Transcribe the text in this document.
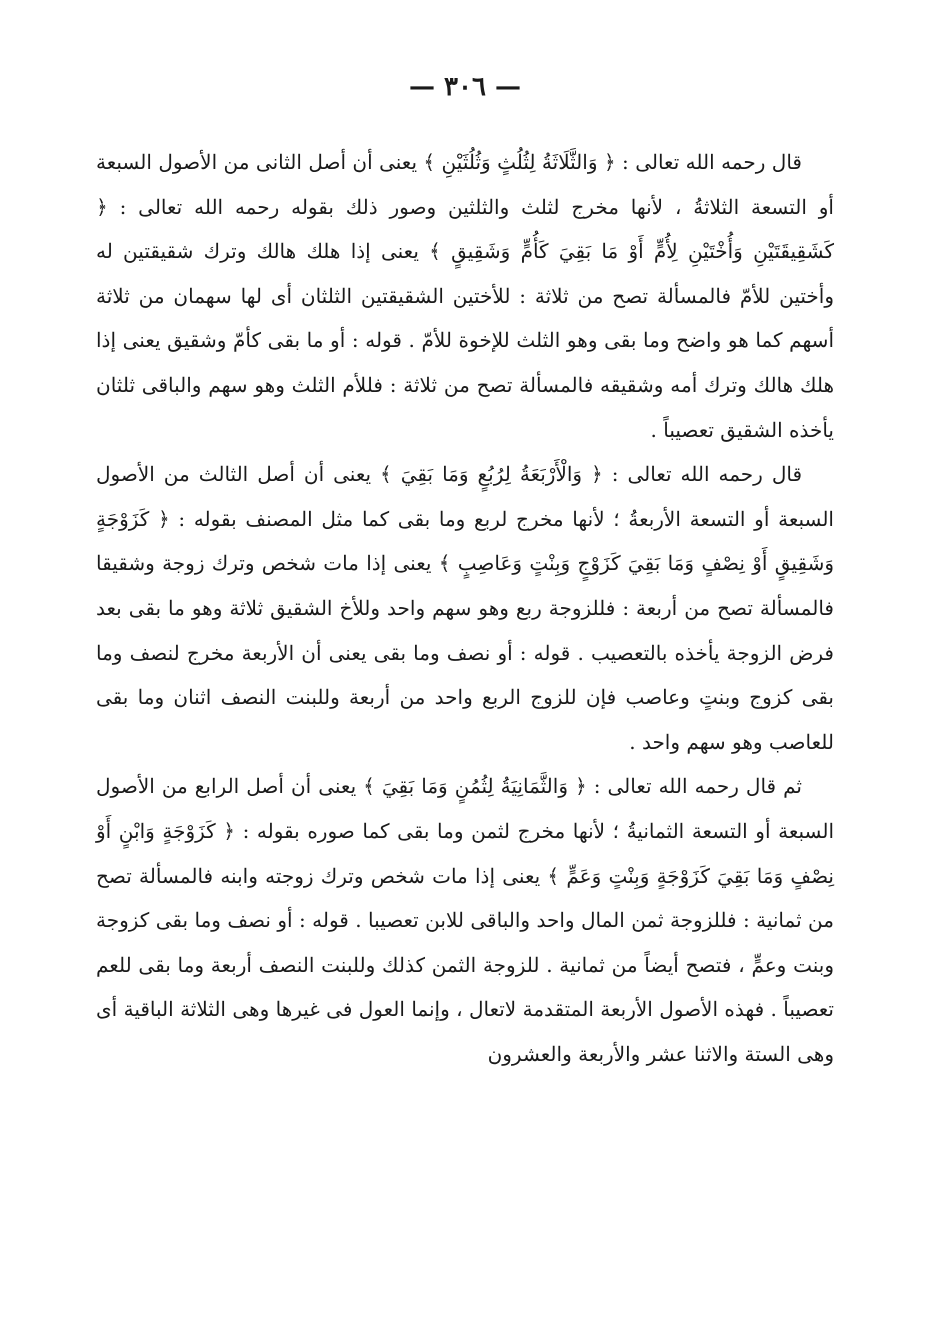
— ٣٠٦ —

قال رحمه الله تعالى : ﴿ وَالثَّلَاثَةُ لِثُلُثٍ وَثُلُثَيْنِ ﴾ يعنى أن أصل الثانى من الأصول السبعة أو التسعة الثلاثةُ ، لأنها مخرج لثلث والثلثين وصور ذلك بقوله رحمه الله تعالى : ﴿ كَشَقِيقَتَيْنِ وَأُخْتَيْنِ لِأُمٍّ أَوْ مَا بَقِيَ كَأُمٍّ وَشَقِيقٍ ﴾ يعنى إذا هلك هالك وترك شقيقتين له وأختين للأمّ فالمسألة تصح من ثلاثة : للأختين الشقيقتين الثلثان أى لها سهمان من ثلاثة أسهم كما هو واضح وما بقى وهو الثلث للإخوة للأمّ . قوله : أو ما بقى كأمّ وشقيق يعنى إذا هلك هالك وترك أمه وشقيقه فالمسألة تصح من ثلاثة : فللأم الثلث وهو سهم والباقى ثلثان يأخذه الشقيق تعصيباً .

قال رحمه الله تعالى : ﴿ وَالْأَرْبَعَةُ لِرُبُعٍ وَمَا بَقِيَ ﴾ يعنى أن أصل الثالث من الأصول السبعة أو التسعة الأربعةُ ؛ لأنها مخرج لربع وما بقى كما مثل المصنف بقوله : ﴿ كَزَوْجَةٍ وَشَقِيقٍ أَوْ نِصْفٍ وَمَا بَقِيَ كَزَوْجٍ وَبِنْتٍ وَعَاصِبٍ ﴾ يعنى إذا مات شخص وترك زوجة وشقيقا فالمسألة تصح من أربعة : فللزوجة ربع وهو سهم واحد وللأخ الشقيق ثلاثة وهو ما بقى بعد فرض الزوجة يأخذه بالتعصيب . قوله : أو نصف وما بقى يعنى أن الأربعة مخرج لنصف وما بقى كزوج وبنتٍ وعاصب فإن للزوج الربع واحد من أربعة وللبنت النصف اثنان وما بقى للعاصب وهو سهم واحد .

ثم قال رحمه الله تعالى : ﴿ وَالثَّمَانِيَةُ لِثُمُنٍ وَمَا بَقِيَ ﴾ يعنى أن أصل الرابع من الأصول السبعة أو التسعة الثمانيةُ ؛ لأنها مخرج لثمن وما بقى كما صوره بقوله : ﴿ كَزَوْجَةٍ وَابْنٍ أَوْ نِصْفٍ وَمَا بَقِيَ كَزَوْجَةٍ وَبِنْتٍ وَعَمٍّ ﴾ يعنى إذا مات شخص وترك زوجته وابنه فالمسألة تصح من ثمانية : فللزوجة ثمن المال واحد والباقى للابن تعصيبا . قوله : أو نصف وما بقى كزوجة وبنت وعمٍّ ، فتصح أيضاً من ثمانية . للزوجة الثمن كذلك وللبنت النصف أربعة وما بقى للعم تعصيباً . فهذه الأصول الأربعة المتقدمة لاتعال ، وإنما العول فى غيرها وهى الثلاثة الباقية أى وهى الستة والاثنا عشر والأربعة والعشرون
